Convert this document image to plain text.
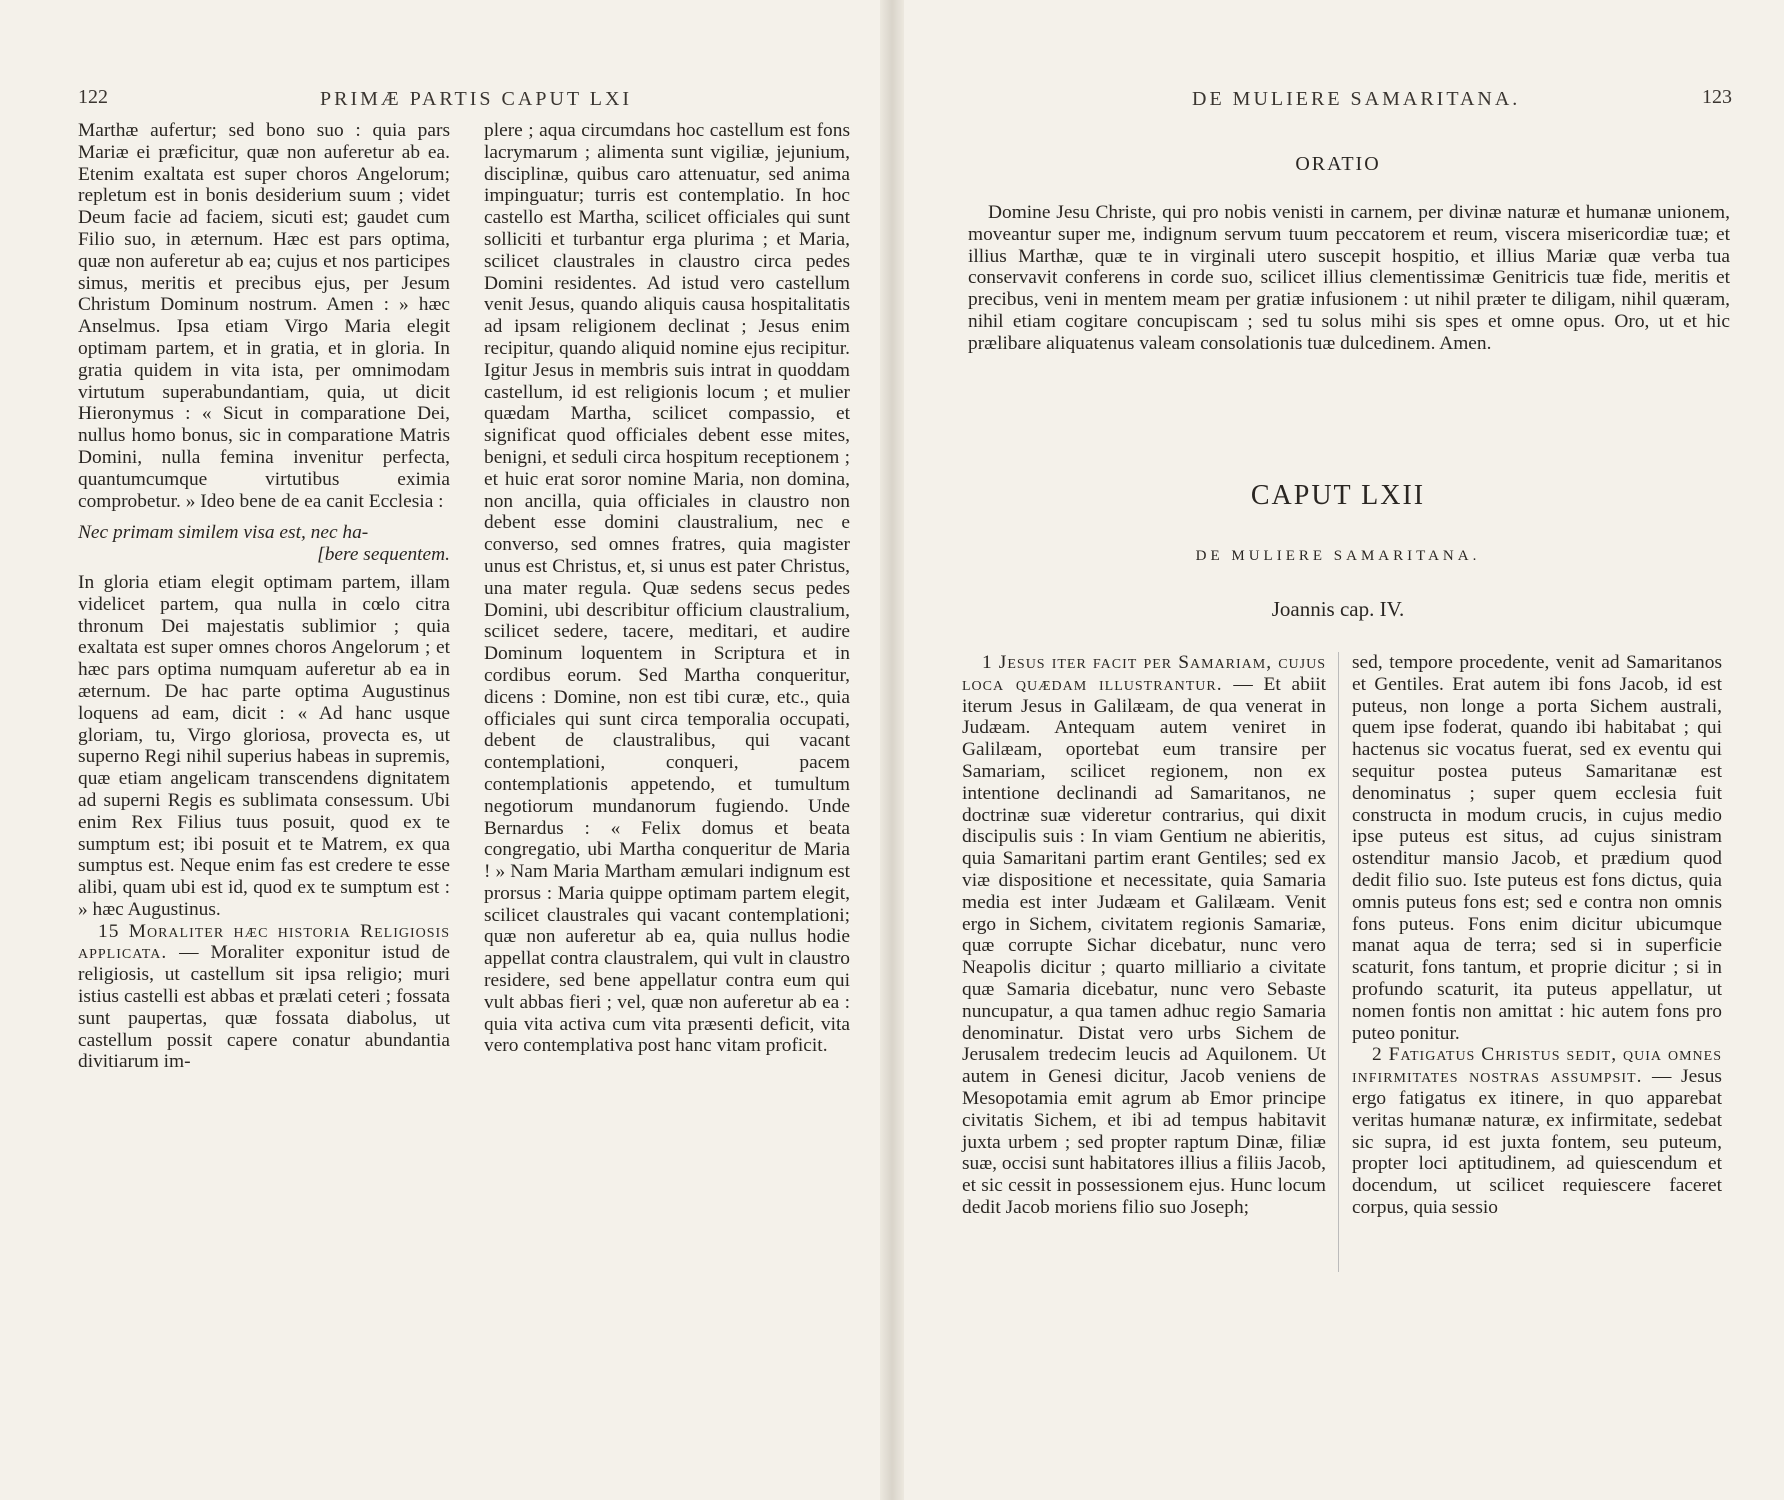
122	PRIMÆ PARTIS CAPUT LXI

Marthæ aufertur; sed bono suo : quia pars Mariæ ei præficitur, quæ non auferetur ab ea. Etenim exaltata est super choros Angelorum; repletum est in bonis desiderium suum ; videt Deum facie ad faciem, sicuti est; gaudet cum Filio suo, in æternum. Hæc est pars optima, quæ non auferetur ab ea; cujus et nos participes simus, meritis et precibus ejus, per Jesum Christum Dominum nostrum. Amen : » hæc Anselmus. Ipsa etiam Virgo Maria elegit optimam partem, et in gratia, et in gloria. In gratia quidem in vita ista, per omnimodam virtutum superabundantiam, quia, ut dicit Hieronymus : « Sicut in comparatione Dei, nullus homo bonus, sic in comparatione Matris Domini, nulla femina invenitur perfecta, quantumcumque virtutibus eximia comprobetur. » Ideo bene de ea canit Ecclesia :

Nec primam similem visa est, nec ha-
[bere sequentem.

In gloria etiam elegit optimam partem, illam videlicet partem, qua nulla in cœlo citra thronum Dei majestatis sublimior ; quia exaltata est super omnes choros Angelorum ; et hæc pars optima numquam auferetur ab ea in æternum. De hac parte optima Augustinus loquens ad eam, dicit : « Ad hanc usque gloriam, tu, Virgo gloriosa, provecta es, ut superno Regi nihil superius habeas in supremis, quæ etiam angelicam transcendens dignitatem ad superni Regis es sublimata consessum. Ubi enim Rex Filius tuus posuit, quod ex te sumptum est; ibi posuit et te Matrem, ex qua sumptus est. Neque enim fas est credere te esse alibi, quam ubi est id, quod ex te sumptum est : » hæc Augustinus.

15 Moraliter hæc historia Religiosis applicata. — Moraliter exponitur istud de religiosis, ut castellum sit ipsa religio; muri istius castelli est abbas et prælati ceteri ; fossata sunt paupertas, quæ fossata diabolus, ut castellum possit capere conatur abundantia divitiarum im-

plere ; aqua circumdans hoc castellum est fons lacrymarum ; alimenta sunt vigiliæ, jejunium, disciplinæ, quibus caro attenuatur, sed anima impinguatur; turris est contemplatio. In hoc castello est Martha, scilicet officiales qui sunt solliciti et turbantur erga plurima ; et Maria, scilicet claustrales in claustro circa pedes Domini residentes. Ad istud vero castellum venit Jesus, quando aliquis causa hospitalitatis ad ipsam religionem declinat ; Jesus enim recipitur, quando aliquid nomine ejus recipitur. Igitur Jesus in membris suis intrat in quoddam castellum, id est religionis locum ; et mulier quædam Martha, scilicet compassio, et significat quod officiales debent esse mites, benigni, et seduli circa hospitum receptionem ; et huic erat soror nomine Maria, non domina, non ancilla, quia officiales in claustro non debent esse domini claustralium, nec e converso, sed omnes fratres, quia magister unus est Christus, et, si unus est pater Christus, una mater regula. Quæ sedens secus pedes Domini, ubi describitur officium claustralium, scilicet sedere, tacere, meditari, et audire Dominum loquentem in Scriptura et in cordibus eorum. Sed Martha conqueritur, dicens : Domine, non est tibi curæ, etc., quia officiales qui sunt circa temporalia occupati, debent de claustralibus, qui vacant contemplationi, conqueri, pacem contemplationis appetendo, et tumultum negotiorum mundanorum fugiendo. Unde Bernardus : « Felix domus et beata congregatio, ubi Martha conqueritur de Maria ! » Nam Maria Martham æmulari indignum est prorsus : Maria quippe optimam partem elegit, scilicet claustrales qui vacant contemplationi; quæ non auferetur ab ea, quia nullus hodie appellat contra claustralem, qui vult in claustro residere, sed bene appellatur contra eum qui vult abbas fieri ; vel, quæ non auferetur ab ea : quia vita activa cum vita præsenti deficit, vita vero contemplativa post hanc vitam proficit.

DE MULIERE SAMARITANA.	123
ORATIO
Domine Jesu Christe, qui pro nobis venisti in carnem, per divinæ naturæ et humanæ unionem, moveantur super me, indignum servum tuum peccatorem et reum, viscera misericordiæ tuæ; et illius Marthæ, quæ te in virginali utero suscepit hospitio, et illius Mariæ quæ verba tua conservavit conferens in corde suo, scilicet illius clementissimæ Genitricis tuæ fide, meritis et precibus, veni in mentem meam per gratiæ infusionem : ut nihil præter te diligam, nihil quæram, nihil etiam cogitare concupiscam ; sed tu solus mihi sis spes et omne opus. Oro, ut et hic prælibare aliquatenus valeam consolationis tuæ dulcedinem. Amen.
CAPUT LXII
DE MULIERE SAMARITANA.
Joannis cap. IV.

1 Jesus iter facit per Samariam, cujus loca quædam illustrantur. — Et abiit iterum Jesus in Galilæam, de qua venerat in Judæam. Antequam autem veniret in Galilæam, oportebat eum transire per Samariam, scilicet regionem, non ex intentione declinandi ad Samaritanos, ne doctrinæ suæ videretur contrarius, qui dixit discipulis suis : In viam Gentium ne abieritis, quia Samaritani partim erant Gentiles; sed ex viæ dispositione et necessitate, quia Samaria media est inter Judæam et Galilæam. Venit ergo in Sichem, civitatem regionis Samariæ, quæ corrupte Sichar dicebatur, nunc vero Neapolis dicitur ; quarto milliario a civitate quæ Samaria dicebatur, nunc vero Sebaste nuncupatur, a qua tamen adhuc regio Samaria denominatur. Distat vero urbs Sichem de Jerusalem tredecim leucis ad Aquilonem. Ut autem in Genesi dicitur, Jacob veniens de Mesopotamia emit agrum ab Emor principe civitatis Sichem, et ibi ad tempus habitavit juxta urbem ; sed propter raptum Dinæ, filiæ suæ, occisi sunt habitatores illius a filiis Jacob, et sic cessit in possessionem ejus. Hunc locum dedit Jacob moriens filio suo Joseph;

sed, tempore procedente, venit ad Samaritanos et Gentiles. Erat autem ibi fons Jacob, id est puteus, non longe a porta Sichem australi, quem ipse foderat, quando ibi habitabat ; qui hactenus sic vocatus fuerat, sed ex eventu qui sequitur postea puteus Samaritanæ est denominatus ; super quem ecclesia fuit constructa in modum crucis, in cujus medio ipse puteus est situs, ad cujus sinistram ostenditur mansio Jacob, et prædium quod dedit filio suo. Iste puteus est fons dictus, quia omnis puteus fons est; sed e contra non omnis fons puteus. Fons enim dicitur ubicumque manat aqua de terra; sed si in superficie scaturit, fons tantum, et proprie dicitur ; si in profundo scaturit, ita puteus appellatur, ut nomen fontis non amittat : hic autem fons pro puteo ponitur.

2 Fatigatus Christus sedit, quia omnes infirmitates nostras assumpsit. — Jesus ergo fatigatus ex itinere, in quo apparebat veritas humanæ naturæ, ex infirmitate, sedebat sic supra, id est juxta fontem, seu puteum, propter loci aptitudinem, ad quiescendum et docendum, ut scilicet requiescere faceret corpus, quia sessio
